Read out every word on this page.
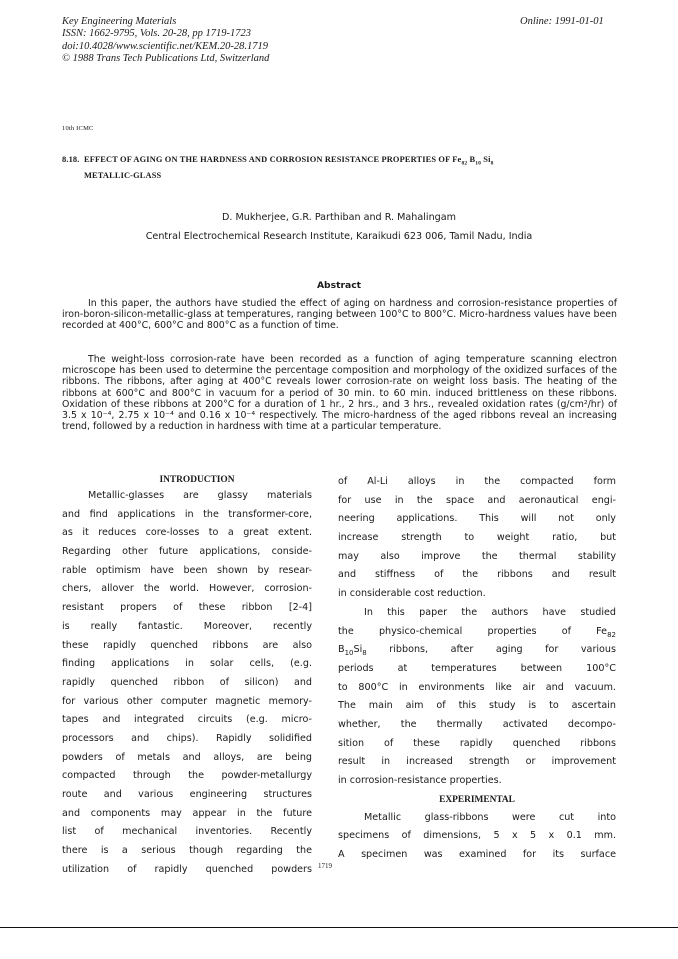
Key Engineering Materials
ISSN: 1662-9795, Vols. 20-28, pp 1719-1723
doi:10.4028/www.scientific.net/KEM.20-28.1719
© 1988 Trans Tech Publications Ltd, Switzerland
Online: 1991-01-01
10th ICMC
8.18. EFFECT OF AGING ON THE HARDNESS AND CORROSION RESISTANCE PROPERTIES OF $Fe_{82}$ $B_{10}$ $Si_8$
METALLIC-GLASS
D. Mukherjee, G.R. Parthiban and R. Mahalingam
Central Electrochemical Research Institute, Karaikudi 623 006, Tamil Nadu, India
Abstract

In this paper, the authors have studied the effect of aging on hardness and corrosion-resistance properties of iron-boron-silicon-metallic-glass at temperatures, ranging between 100°C to 800°C. Micro-hardness values have been recorded at 400°C, 600°C and 800°C as a function of time.

The weight-loss corrosion-rate have been recorded as a function of aging temperature scanning electron microscope has been used to determine the percentage composition and morphology of the oxidized surfaces of the ribbons. The ribbons, after aging at 400°C reveals lower corrosion-rate on weight loss basis. The heating of the ribbons at 600°C and 800°C in vacuum for a period of 30 min. to 60 min. induced brittleness on these ribbons. Oxidation of these ribbons at 200°C for a duration of 1 hr., 2 hrs., and 3 hrs., revealed oxidation rates (g/cm²/hr) of 3.5 x 10⁻⁴, 2.75 x 10⁻⁴ and 0.16 x 10⁻⁴ respectively. The micro-hardness of the aged ribbons reveal an increasing trend, followed by a reduction in hardness with time at a particular temperature.

INTRODUCTION
Metallic-glasses are glassy materials
and find applications in the transformer-core,
as it reduces core-losses to a great extent.
Regarding other future applications, conside-
rable optimism have been shown by resear-
chers, allover the world. However, corrosion-
resistant propers of these ribbon [2-4]
is really fantastic. Moreover, recently
these rapidly quenched ribbons are also
finding applications in solar cells, (e.g.
rapidly quenched ribbon of silicon) and
for various other computer magnetic memory-
tapes and integrated circuits (e.g. micro-
processors and chips). Rapidly solidified
powders of metals and alloys, are being
compacted through the powder-metallurgy
route and various engineering structures
and components may appear in the future
list of mechanical inventories. Recently
there is a serious though regarding the
utilization of rapidly quenched powders
of Al-Li alloys in the compacted form
for use in the space and aeronautical engi-
neering applications. This will not only
increase strength to weight ratio, but
may also improve the thermal stability
and stiffness of the ribbons and result
in considerable cost reduction.
In this paper the authors have studied
the physico-chemical properties of $Fe_{82}$
$B_{10}Si_8$ ribbons, after aging for various
periods at temperatures between 100°C
to 800°C in environments like air and vacuum.
The main aim of this study is to ascertain
whether, the thermally activated decompo-
sition of these rapidly quenched ribbons
result in increased strength or improvement
in corrosion-resistance properties.
EXPERIMENTAL
Metallic glass-ribbons were cut into
specimens of dimensions, 5 x 5 x 0.1 mm.
A specimen was examined for its surface
1719
